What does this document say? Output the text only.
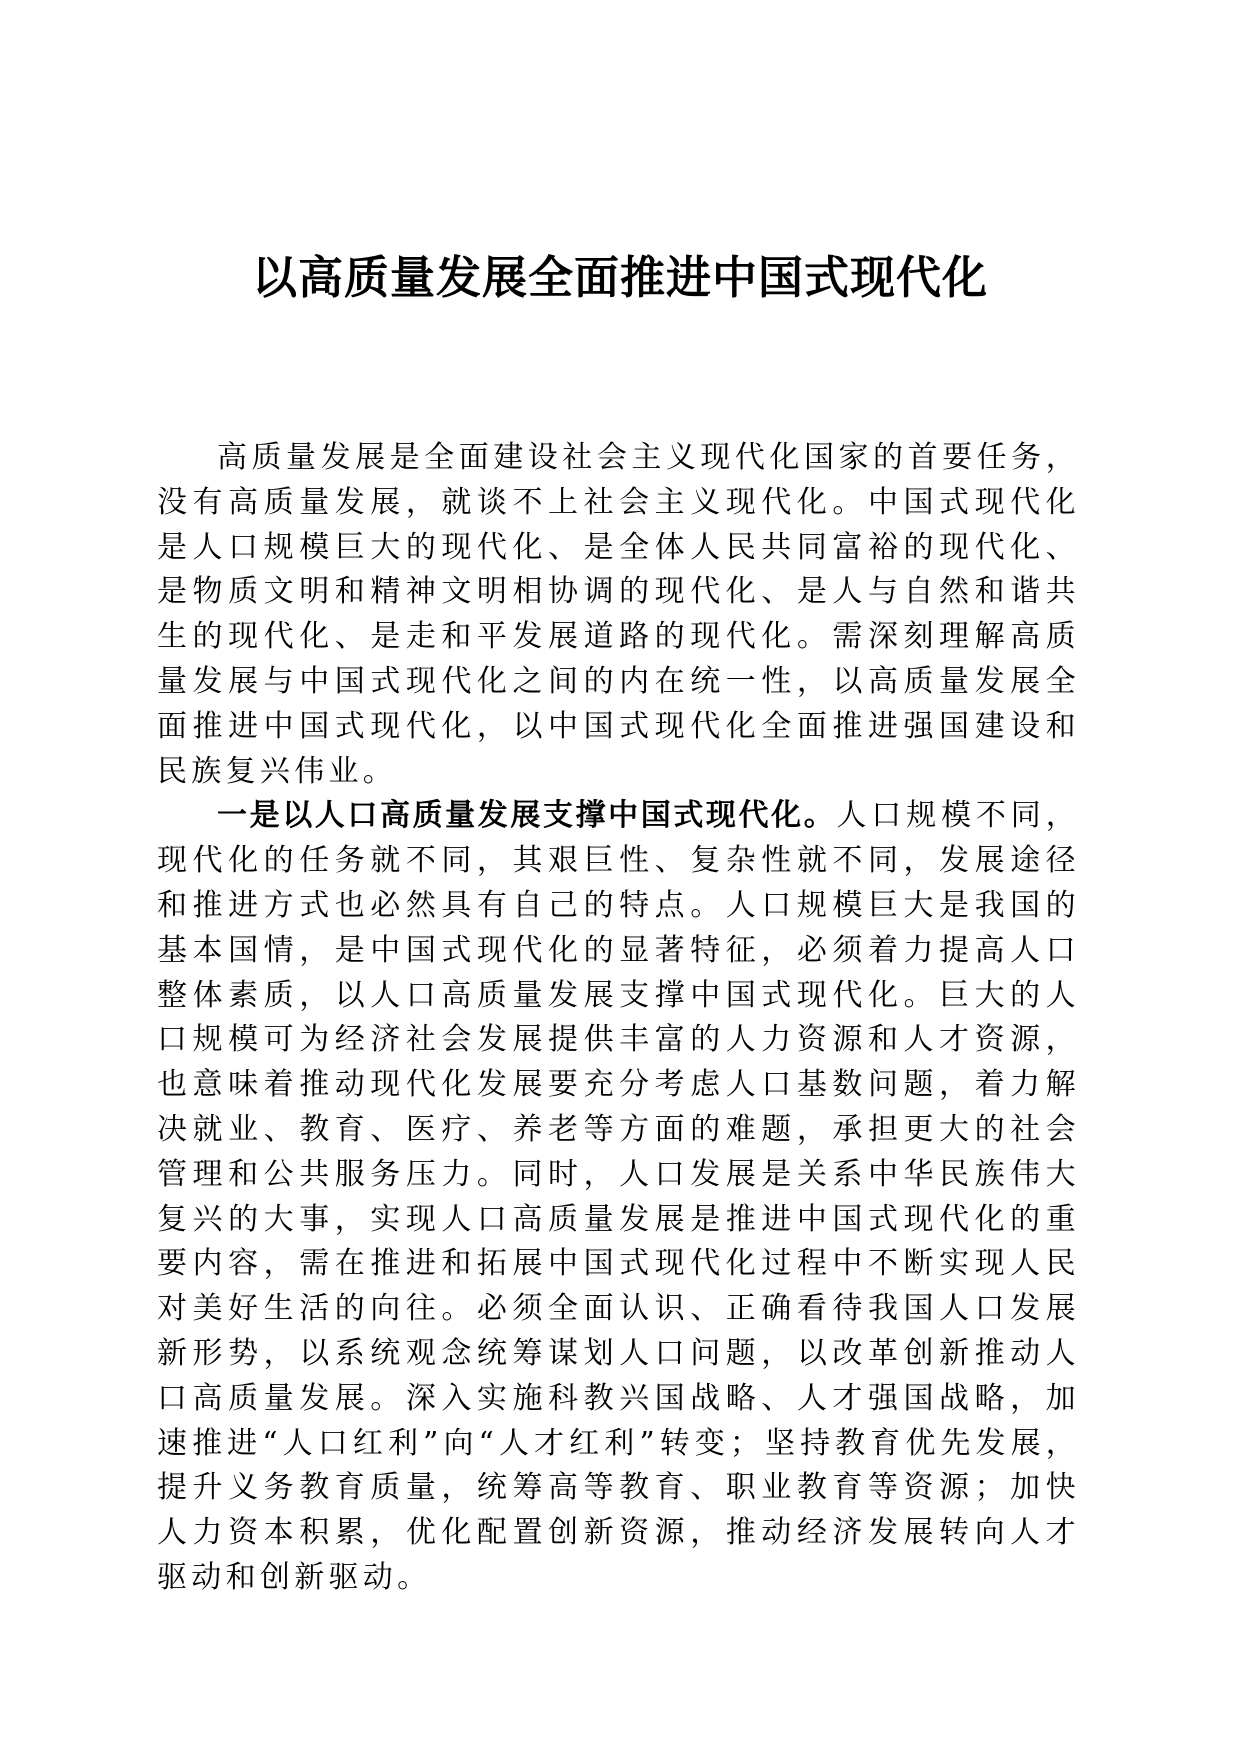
以高质量发展全面推进中国式现代化

高质量发展是全面建设社会主义现代化国家的首要任务，没有高质量发展，就谈不上社会主义现代化。中国式现代化是人口规模巨大的现代化、是全体人民共同富裕的现代化、是物质文明和精神文明相协调的现代化、是人与自然和谐共生的现代化、是走和平发展道路的现代化。需深刻理解高质量发展与中国式现代化之间的内在统一性，以高质量发展全面推进中国式现代化，以中国式现代化全面推进强国建设和民族复兴伟业。

一是以人口高质量发展支撑中国式现代化。人口规模不同，现代化的任务就不同，其艰巨性、复杂性就不同，发展途径和推进方式也必然具有自己的特点。人口规模巨大是我国的基本国情，是中国式现代化的显著特征，必须着力提高人口整体素质，以人口高质量发展支撑中国式现代化。巨大的人口规模可为经济社会发展提供丰富的人力资源和人才资源，也意味着推动现代化发展要充分考虑人口基数问题，着力解决就业、教育、医疗、养老等方面的难题，承担更大的社会管理和公共服务压力。同时，人口发展是关系中华民族伟大复兴的大事，实现人口高质量发展是推进中国式现代化的重要内容，需在推进和拓展中国式现代化过程中不断实现人民对美好生活的向往。必须全面认识、正确看待我国人口发展新形势，以系统观念统筹谋划人口问题，以改革创新推动人口高质量发展。深入实施科教兴国战略、人才强国战略，加速推进“人口红利”向“人才红利”转变；坚持教育优先发展，提升义务教育质量，统筹高等教育、职业教育等资源；加快人力资本积累，优化配置创新资源，推动经济发展转向人才驱动和创新驱动。
